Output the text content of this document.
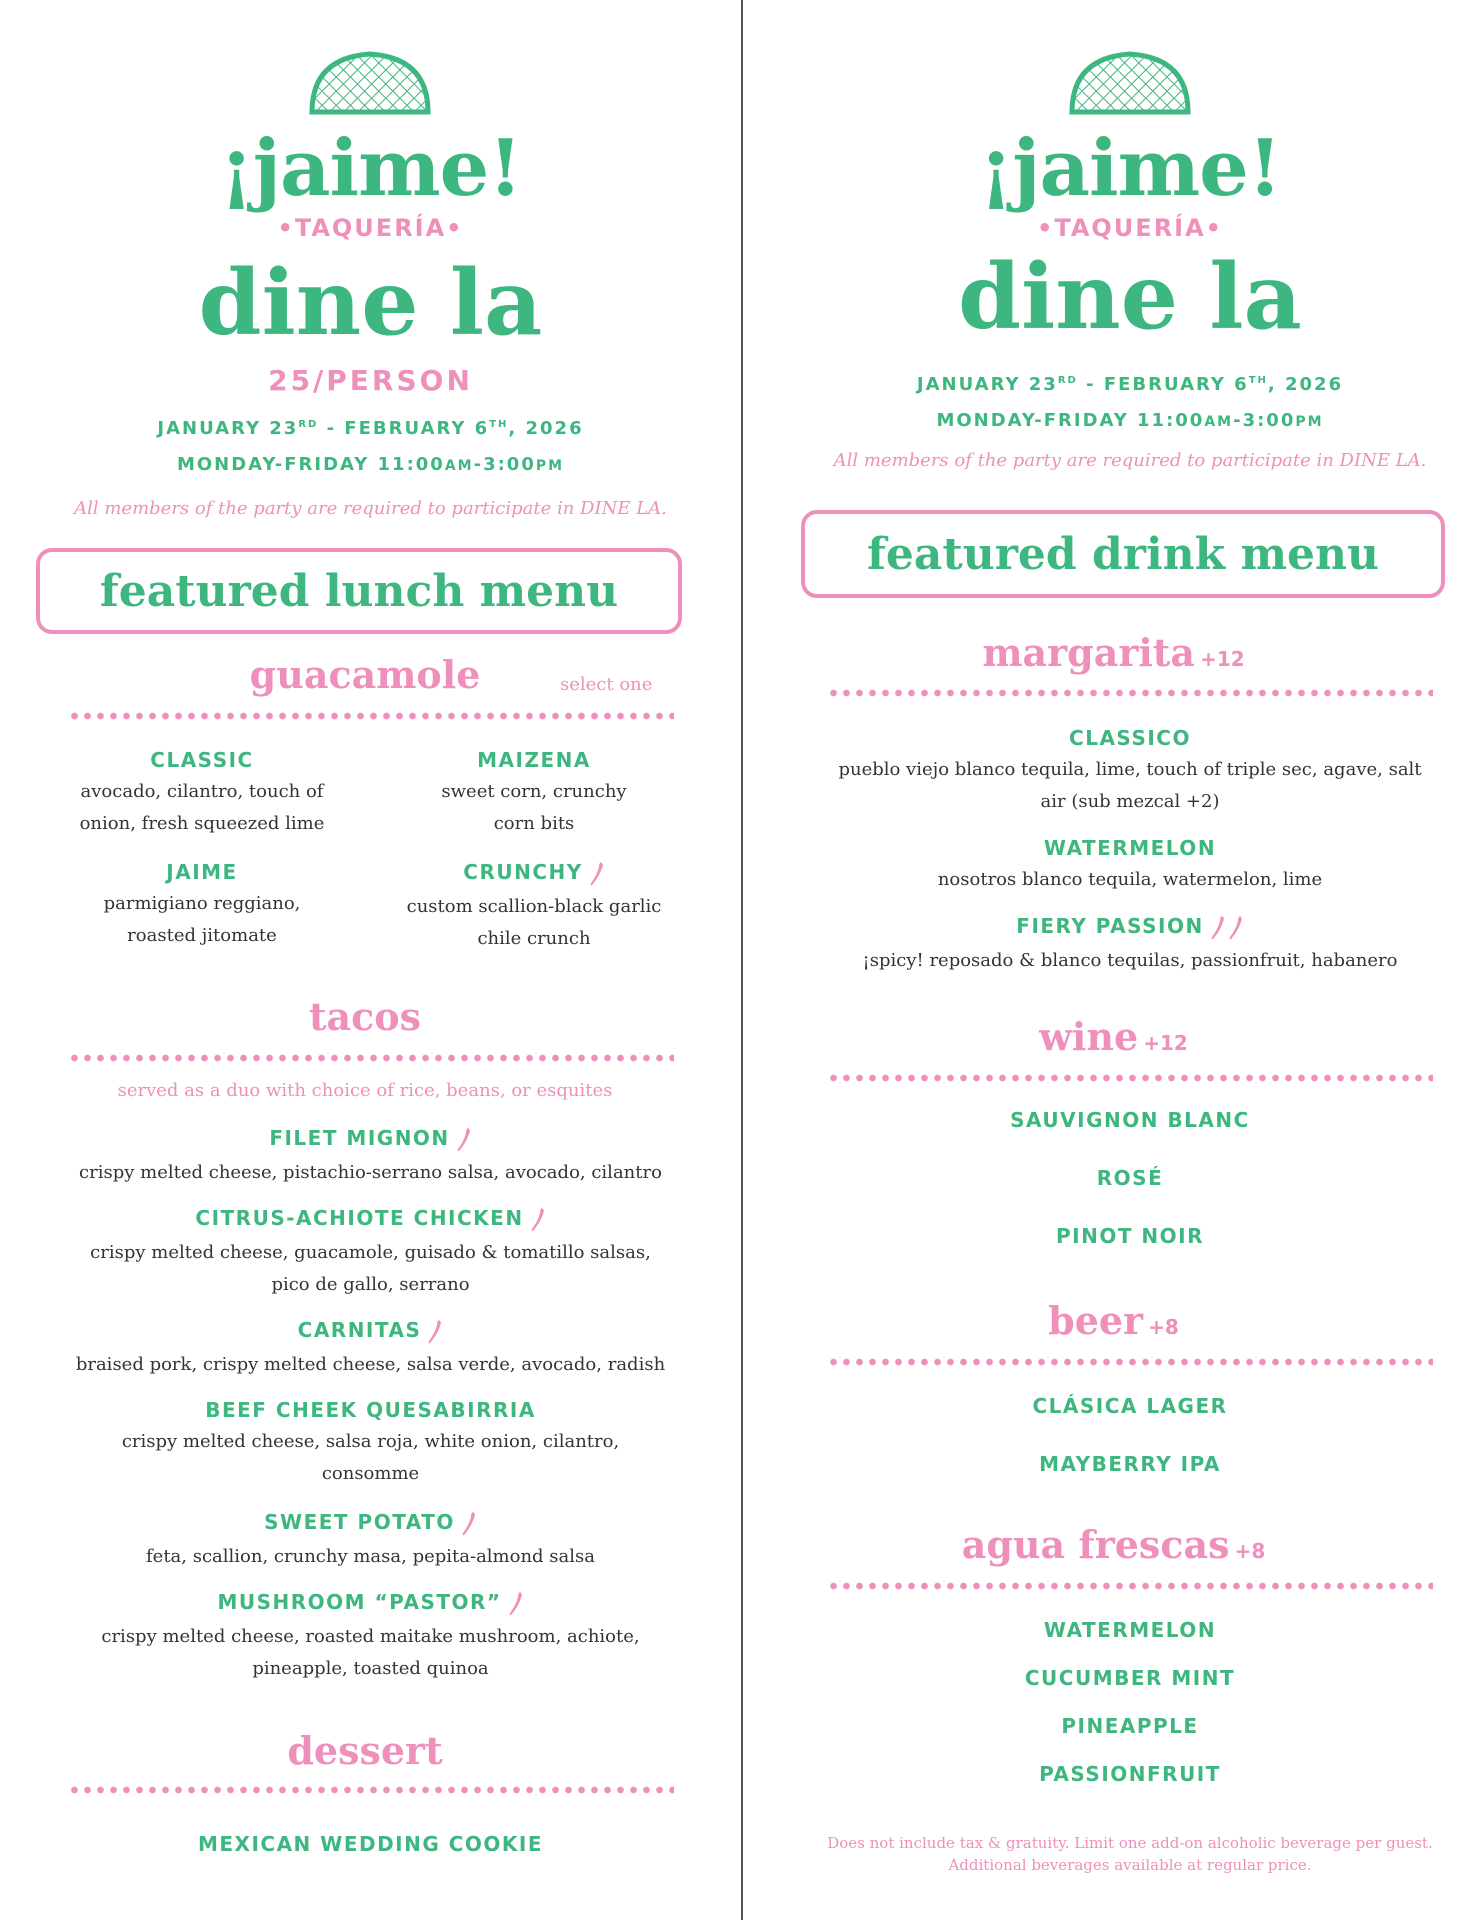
¡jaime!
•TAQUERÍA•
dine la
25/PERSON
JANUARY 23RD - FEBRUARY 6TH, 2026
MONDAY-FRIDAY 11:00AM-3:00PM
All members of the party are required to participate in DINE LA.
featured lunch menu
guacamole	select one
CLASSIC
avocado, cilantro, touch of
onion, fresh squeezed lime
MAIZENA
sweet corn, crunchy
corn bits
JAIME
parmigiano reggiano,
roasted jitomate
CRUNCHY
custom scallion-black garlic
chile crunch
tacos
served as a duo with choice of rice, beans, or esquites
FILET MIGNON
crispy melted cheese, pistachio-serrano salsa, avocado, cilantro
CITRUS-ACHIOTE CHICKEN
crispy melted cheese, guacamole, guisado & tomatillo salsas,
pico de gallo, serrano
CARNITAS
braised pork, crispy melted cheese, salsa verde, avocado, radish
BEEF CHEEK QUESABIRRIA
crispy melted cheese, salsa roja, white onion, cilantro,
consomme
SWEET POTATO
feta, scallion, crunchy masa, pepita-almond salsa
MUSHROOM “PASTOR”
crispy melted cheese, roasted maitake mushroom, achiote,
pineapple, toasted quinoa
dessert
MEXICAN WEDDING COOKIE
¡jaime!
•TAQUERÍA•
dine la
JANUARY 23RD - FEBRUARY 6TH, 2026
MONDAY-FRIDAY 11:00AM-3:00PM
All members of the party are required to participate in DINE LA.
featured drink menu
margarita +12
CLASSICO
pueblo viejo blanco tequila, lime, touch of triple sec, agave, salt
air (sub mezcal +2)
WATERMELON
nosotros blanco tequila, watermelon, lime
FIERY PASSION
¡spicy! reposado & blanco tequilas, passionfruit, habanero
wine +12
SAUVIGNON BLANC
ROSÉ
PINOT NOIR
beer +8
CLÁSICA LAGER
MAYBERRY IPA
agua frescas +8
WATERMELON
CUCUMBER MINT
PINEAPPLE
PASSIONFRUIT
Does not include tax & gratuity. Limit one add-on alcoholic beverage per guest.
Additional beverages available at regular price.
